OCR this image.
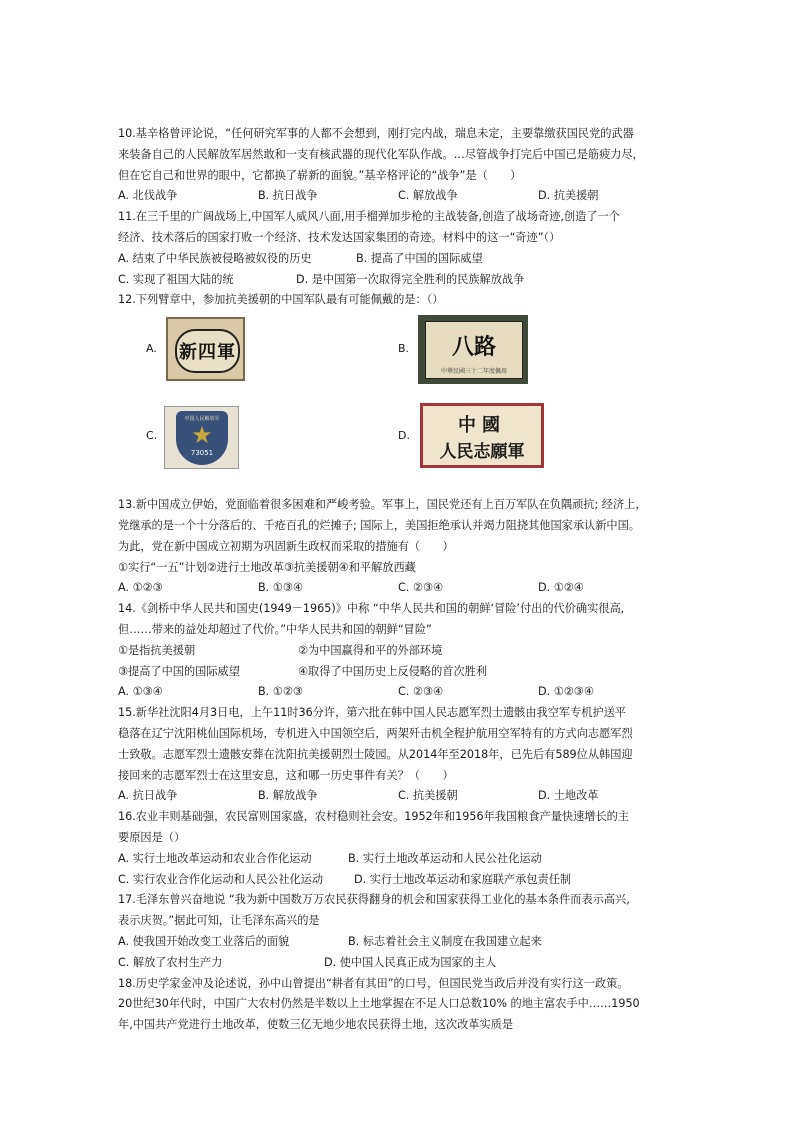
10.基辛格曾评论说，“任何研究军事的人都不会想到，刚打完内战，瑞息未定，主要靠缴获国民党的武器
来装备自己的人民解放军居然敢和一支有核武器的现代化军队作战。…尽管战争打完后中国已是筋疲力尽，
但在它自己和世界的眼中，它都换了崭新的面貌。”基辛格评论的“战争”是（　　）
A. 北伐战争	B. 抗日战争	C. 解放战争	D. 抗美援朝
11.在三千里的广阔战场上,中国军人威风八面,用手榴弹加步枪的主战装备,创造了战场奇迹,创造了一个
经济、技术落后的国家打败一个经济、技术发达国家集团的奇迹。材料中的这一“奇迹”（）
A. 结束了中华民族被侵略被奴役的历史	B. 提高了中国的国际威望
C. 实现了祖国大陆的统	D. 是中国第一次取得完全胜利的民族解放战争
12.下列臂章中，参加抗美援朝的中国军队最有可能佩戴的是：（）
A. 新四軍	B.	八路
中華民國三十二年度佩用
C.
中国人民解放军
★
73051
D.	中國
人民志願軍
13.新中国成立伊始，党面临着很多困难和严峻考验。军事上，国民党还有上百万军队在负隅顽抗; 经济上，
党继承的是一个十分落后的、千疮百孔的烂摊子; 国际上，美国拒绝承认并竭力阻挠其他国家承认新中国。
为此，党在新中国成立初期为巩固新生政权而采取的措施有（　　）
①实行“一五”计划②进行土地改革③抗美援朝④和平解放西藏
A. ①②③	B. ①③④	C. ②③④	D. ①②④
14.《剑桥中华人民共和国史(1949－1965)》中称 “中华人民共和国的朝鲜‘冒险’付出的代价确实很高,
但……带来的益处却超过了代价。”中华人民共和国的朝鲜“冒险”
①是指抗美援朝	②为中国赢得和平的外部环境
③提高了中国的国际威望	④取得了中国历史上反侵略的首次胜利
A. ①③④	B. ①②③	C. ②③④	D. ①②③④
15.新华社沈阳4月3日电，上午11时36分许，第六批在韩中国人民志愿军烈士遗骸由我空军专机护送平
稳落在辽宁沈阳桃仙国际机场，专机进入中国领空后，两架歼击机全程护航用空军特有的方式向志愿军烈
士致敬。志愿军烈士遗骸安葬在沈阳抗美援朝烈士陵园。从2014年至2018年，已先后有589位从韩国迎
接回来的志愿军烈士在这里安息，这和哪一历史事件有关？（　　）
A. 抗日战争	B. 解放战争	C. 抗美援朝	D. 土地改革
16.农业丰则基础强，农民富则国家盛，农村稳则社会安。1952年和1956年我国粮食产量快速增长的主
要原因是（）
A. 实行土地改革运动和农业合作化运动	B. 实行土地改革运动和人民公社化运动
C. 实行农业合作化运动和人民公社化运动	D. 实行土地改革运动和家庭联产承包责任制
17.毛泽东曾兴奋地说 “我为新中国数万万农民获得翻身的机会和国家获得工业化的基本条件而表示高兴,
表示庆贺。”据此可知，让毛泽东高兴的是
A. 使我国开始改变工业落后的面貌	B. 标志着社会主义制度在我国建立起来
C. 解放了农村生产力	D. 使中国人民真正成为国家的主人
18.历史学家金冲及论述说，孙中山曾提出“耕者有其田”的口号，但国民党当政后并没有实行这一政策。
20世纪30年代时，中国广大农村仍然是半数以上土地掌握在不足人口总数10% 的地主富农手中……1950
年,中国共产党进行土地改革，使数三亿无地少地农民获得土地，这次改革实质是
